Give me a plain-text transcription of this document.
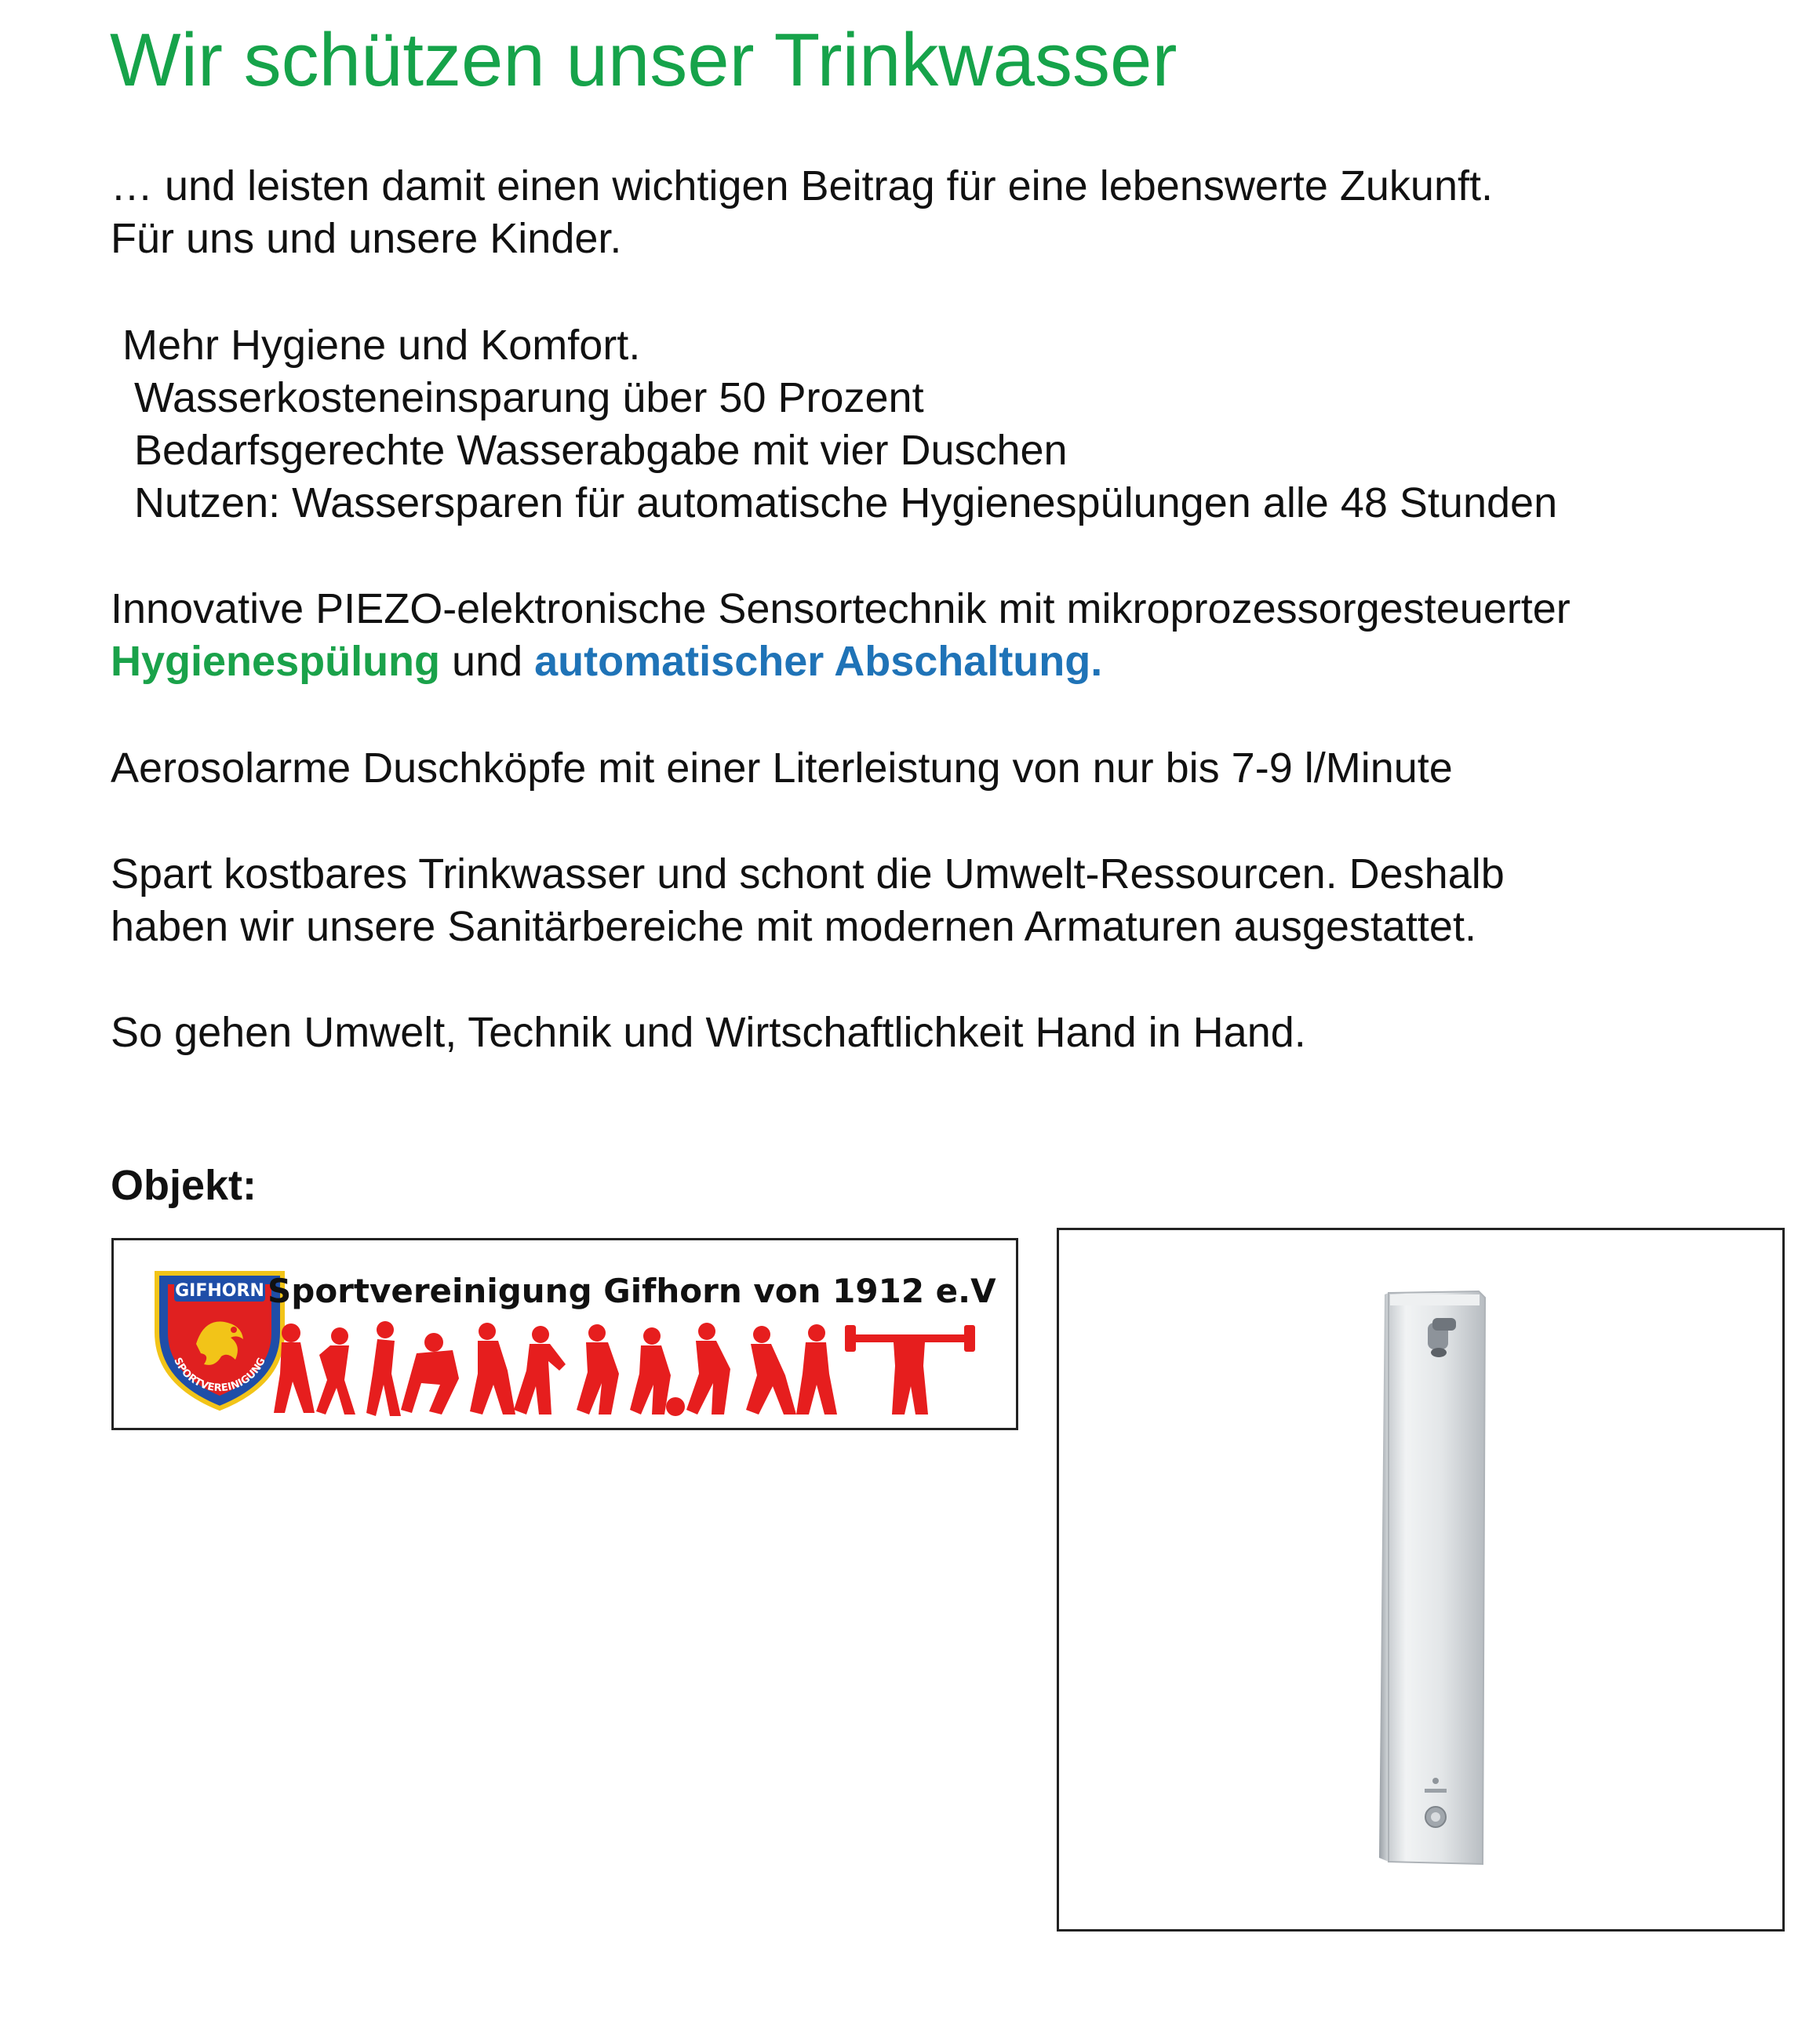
Wir schützen unser Trinkwasser
… und leisten damit einen wichtigen Beitrag für eine lebenswerte Zukunft.
Für uns und unsere Kinder.
Mehr Hygiene und Komfort.
Wasserkosteneinsparung über 50 Prozent
Bedarfsgerechte Wasserabgabe mit vier Duschen
Nutzen: Wassersparen für automatische Hygienespülungen alle 48 Stunden
Innovative PIEZO-elektronische Sensortechnik mit mikroprozessorgesteuerter
Hygienespülung und automatischer Abschaltung.
Aerosolarme Duschköpfe mit einer Literleistung von nur bis 7-9 l/Minute
Spart kostbares Trinkwasser und schont die Umwelt-Ressourcen. Deshalb
haben wir unsere Sanitärbereiche mit modernen Armaturen ausgestattet.
So gehen Umwelt, Technik und Wirtschaftlichkeit Hand in Hand.
Objekt:
GIFHORN
SPORTVEREINIGUNG
Sportvereinigung Gifhorn von 1912 e.V
